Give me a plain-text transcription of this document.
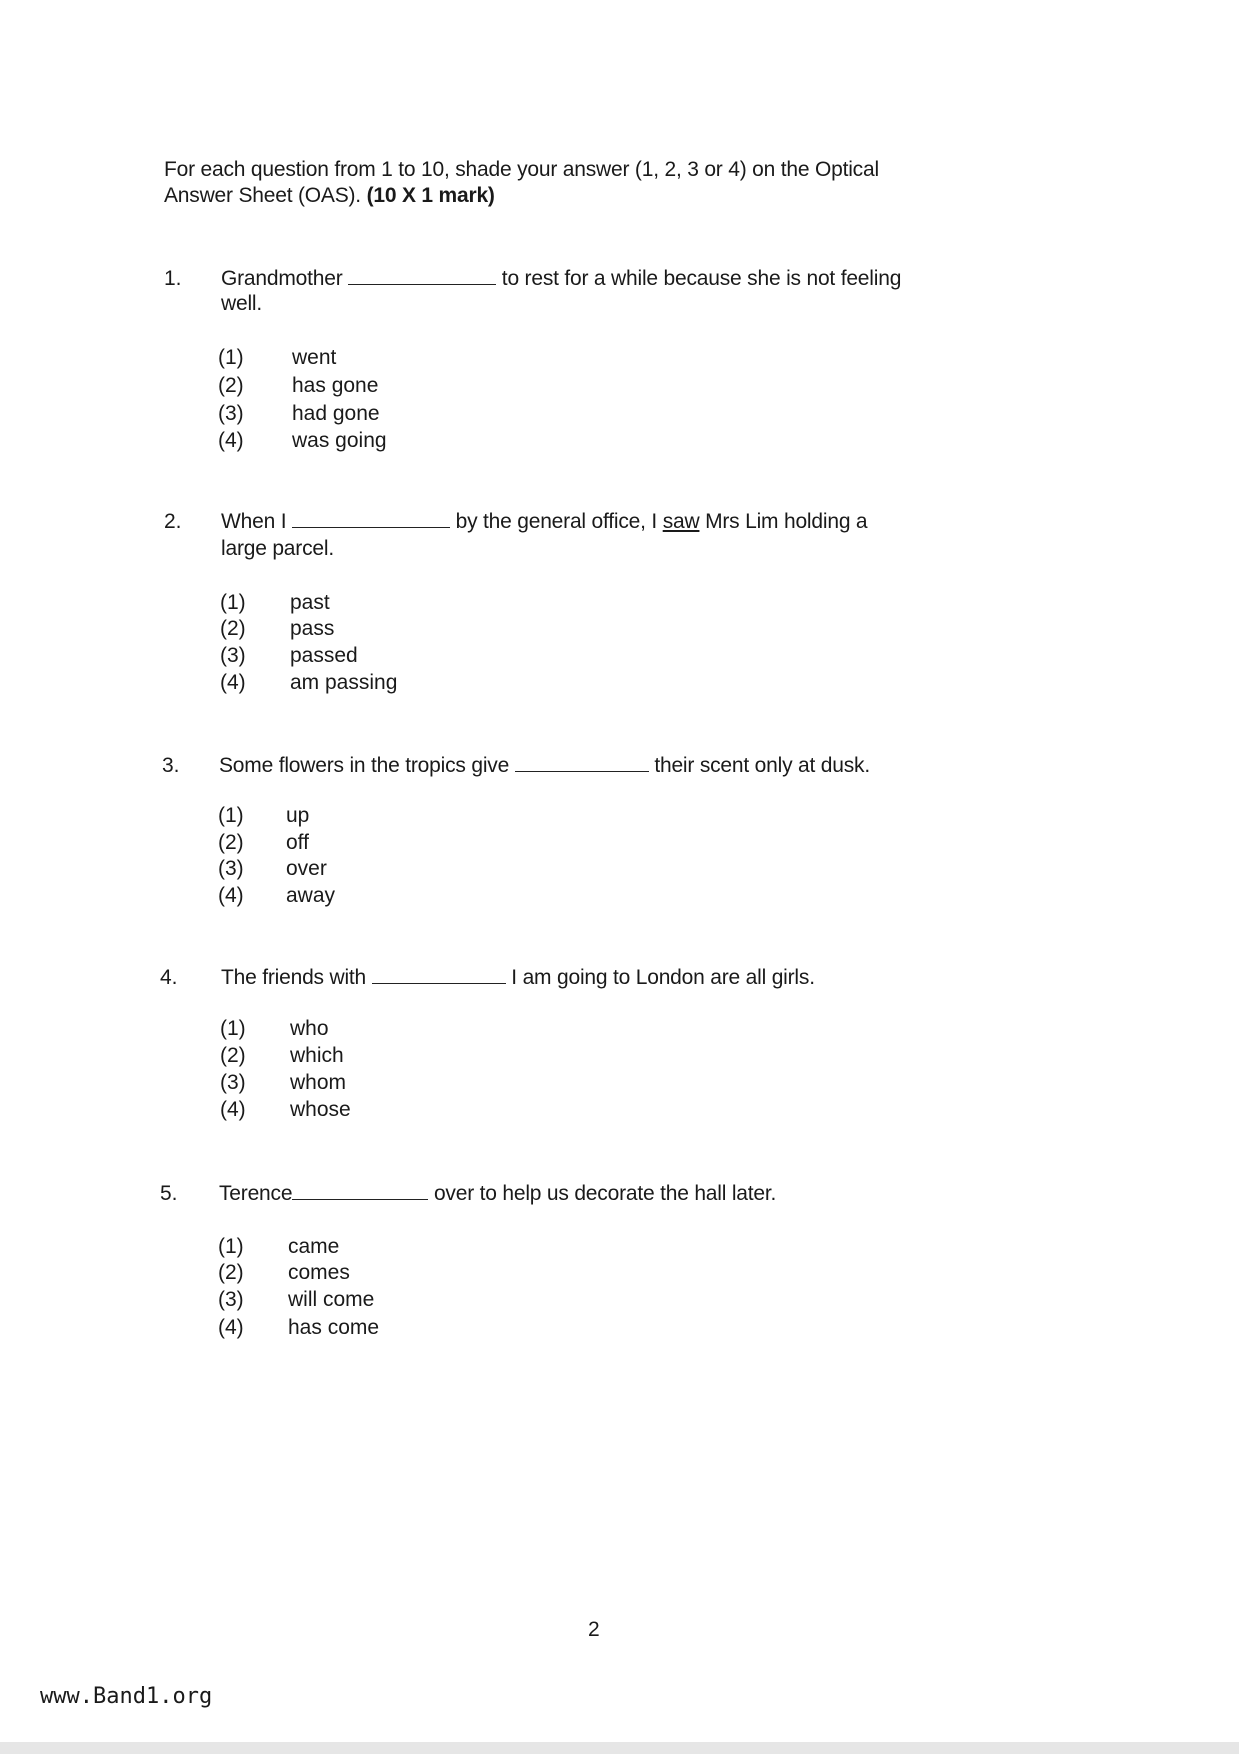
For each question from 1 to 10, shade your answer (1, 2, 3 or 4) on the Optical
Answer Sheet (OAS). (10 X 1 mark)
1. Grandmother	to rest for a while because she is not feeling
well.
(1) went
(2) has gone
(3) had gone
(4) was going
2. When I	by the general office, I saw Mrs Lim holding a
large parcel.
(1) past
(2) pass
(3) passed
(4) am passing
3. Some flowers in the tropics give	their scent only at dusk.
(1) up
(2) off
(3) over
(4) away
4. The friends with	I am going to London are all girls.
(1) who
(2) which
(3) whom
(4) whose
5. Terence	over to help us decorate the hall later.
(1) came
(2) comes
(3) will come
(4) has come
2
www.Band1.org
